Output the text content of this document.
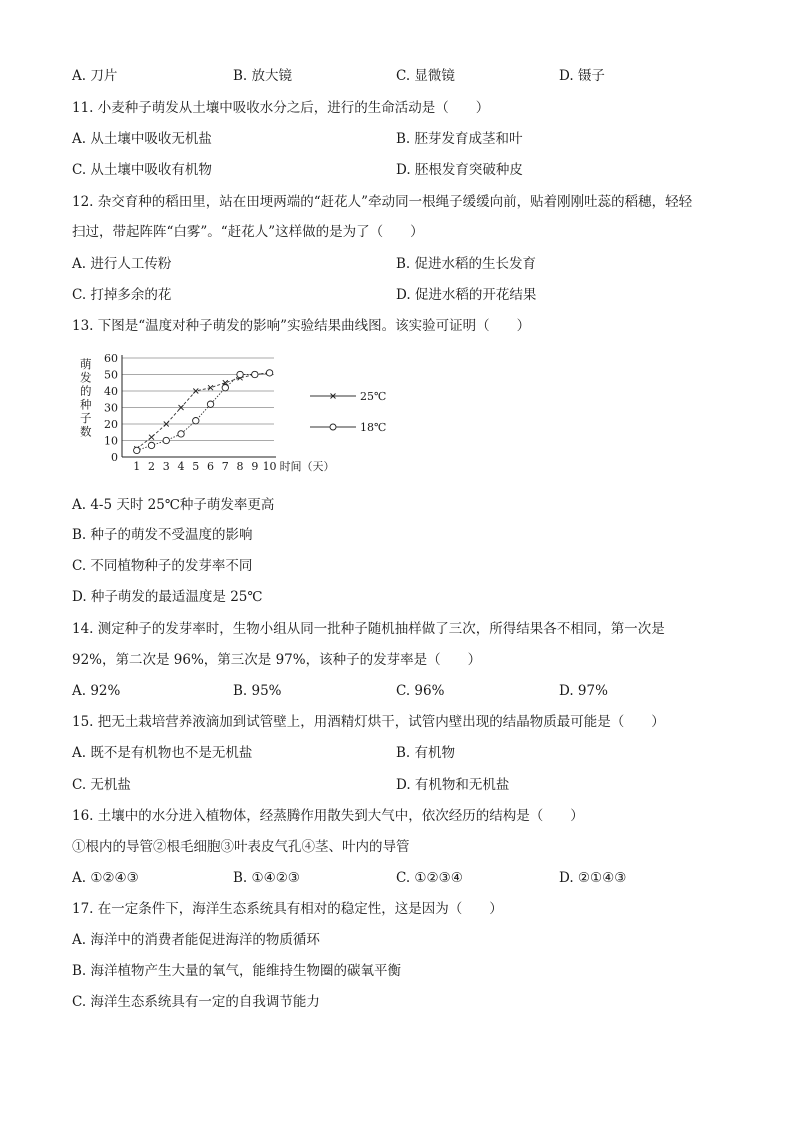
A. 刀片	B. 放大镜	C. 显微镜	D. 镊子
11. 小麦种子萌发从土壤中吸收水分之后，进行的生命活动是（　　）
A. 从土壤中吸收无机盐	B. 胚芽发育成茎和叶
C. 从土壤中吸收有机物	D. 胚根发育突破种皮
12. 杂交育种的稻田里，站在田埂两端的“赶花人”牵动同一根绳子缓缓向前，贴着刚刚吐蕊的稻穗，轻轻
扫过，带起阵阵“白雾”。“赶花人”这样做的是为了（　　）
A. 进行人工传粉	B. 促进水稻的生长发育
C. 打掉多余的花	D. 促进水稻的开花结果
13. 下图是“温度对种子萌发的影响”实验结果曲线图。该实验可证明（　　）
0
10
20
30
40
50
60
1 2 3 4 5 6 7 8 9 10 时间（天）
萌
发
的
种
子
数
25℃
18℃
A. 4-5 天时 25℃种子萌发率更高
B. 种子的萌发不受温度的影响
C. 不同植物种子的发芽率不同
D. 种子萌发的最适温度是 25℃
14. 测定种子的发芽率时，生物小组从同一批种子随机抽样做了三次，所得结果各不相同，第一次是
92%，第二次是 96%，第三次是 97%，该种子的发芽率是（　　）
A. 92%	B. 95%	C. 96%	D. 97%
15. 把无土栽培营养液滴加到试管壁上，用酒精灯烘干，试管内壁出现的结晶物质最可能是（　　）
A. 既不是有机物也不是无机盐	B. 有机物
C. 无机盐	D. 有机物和无机盐
16. 土壤中的水分进入植物体，经蒸腾作用散失到大气中，依次经历的结构是（　　）
①根内的导管②根毛细胞③叶表皮气孔④茎、叶内的导管
A. ①②④③	B. ①④②③	C. ①②③④	D. ②①④③
17. 在一定条件下，海洋生态系统具有相对的稳定性，这是因为（　　）
A. 海洋中的消费者能促进海洋的物质循环
B. 海洋植物产生大量的氧气，能维持生物圈的碳氧平衡
C. 海洋生态系统具有一定的自我调节能力
